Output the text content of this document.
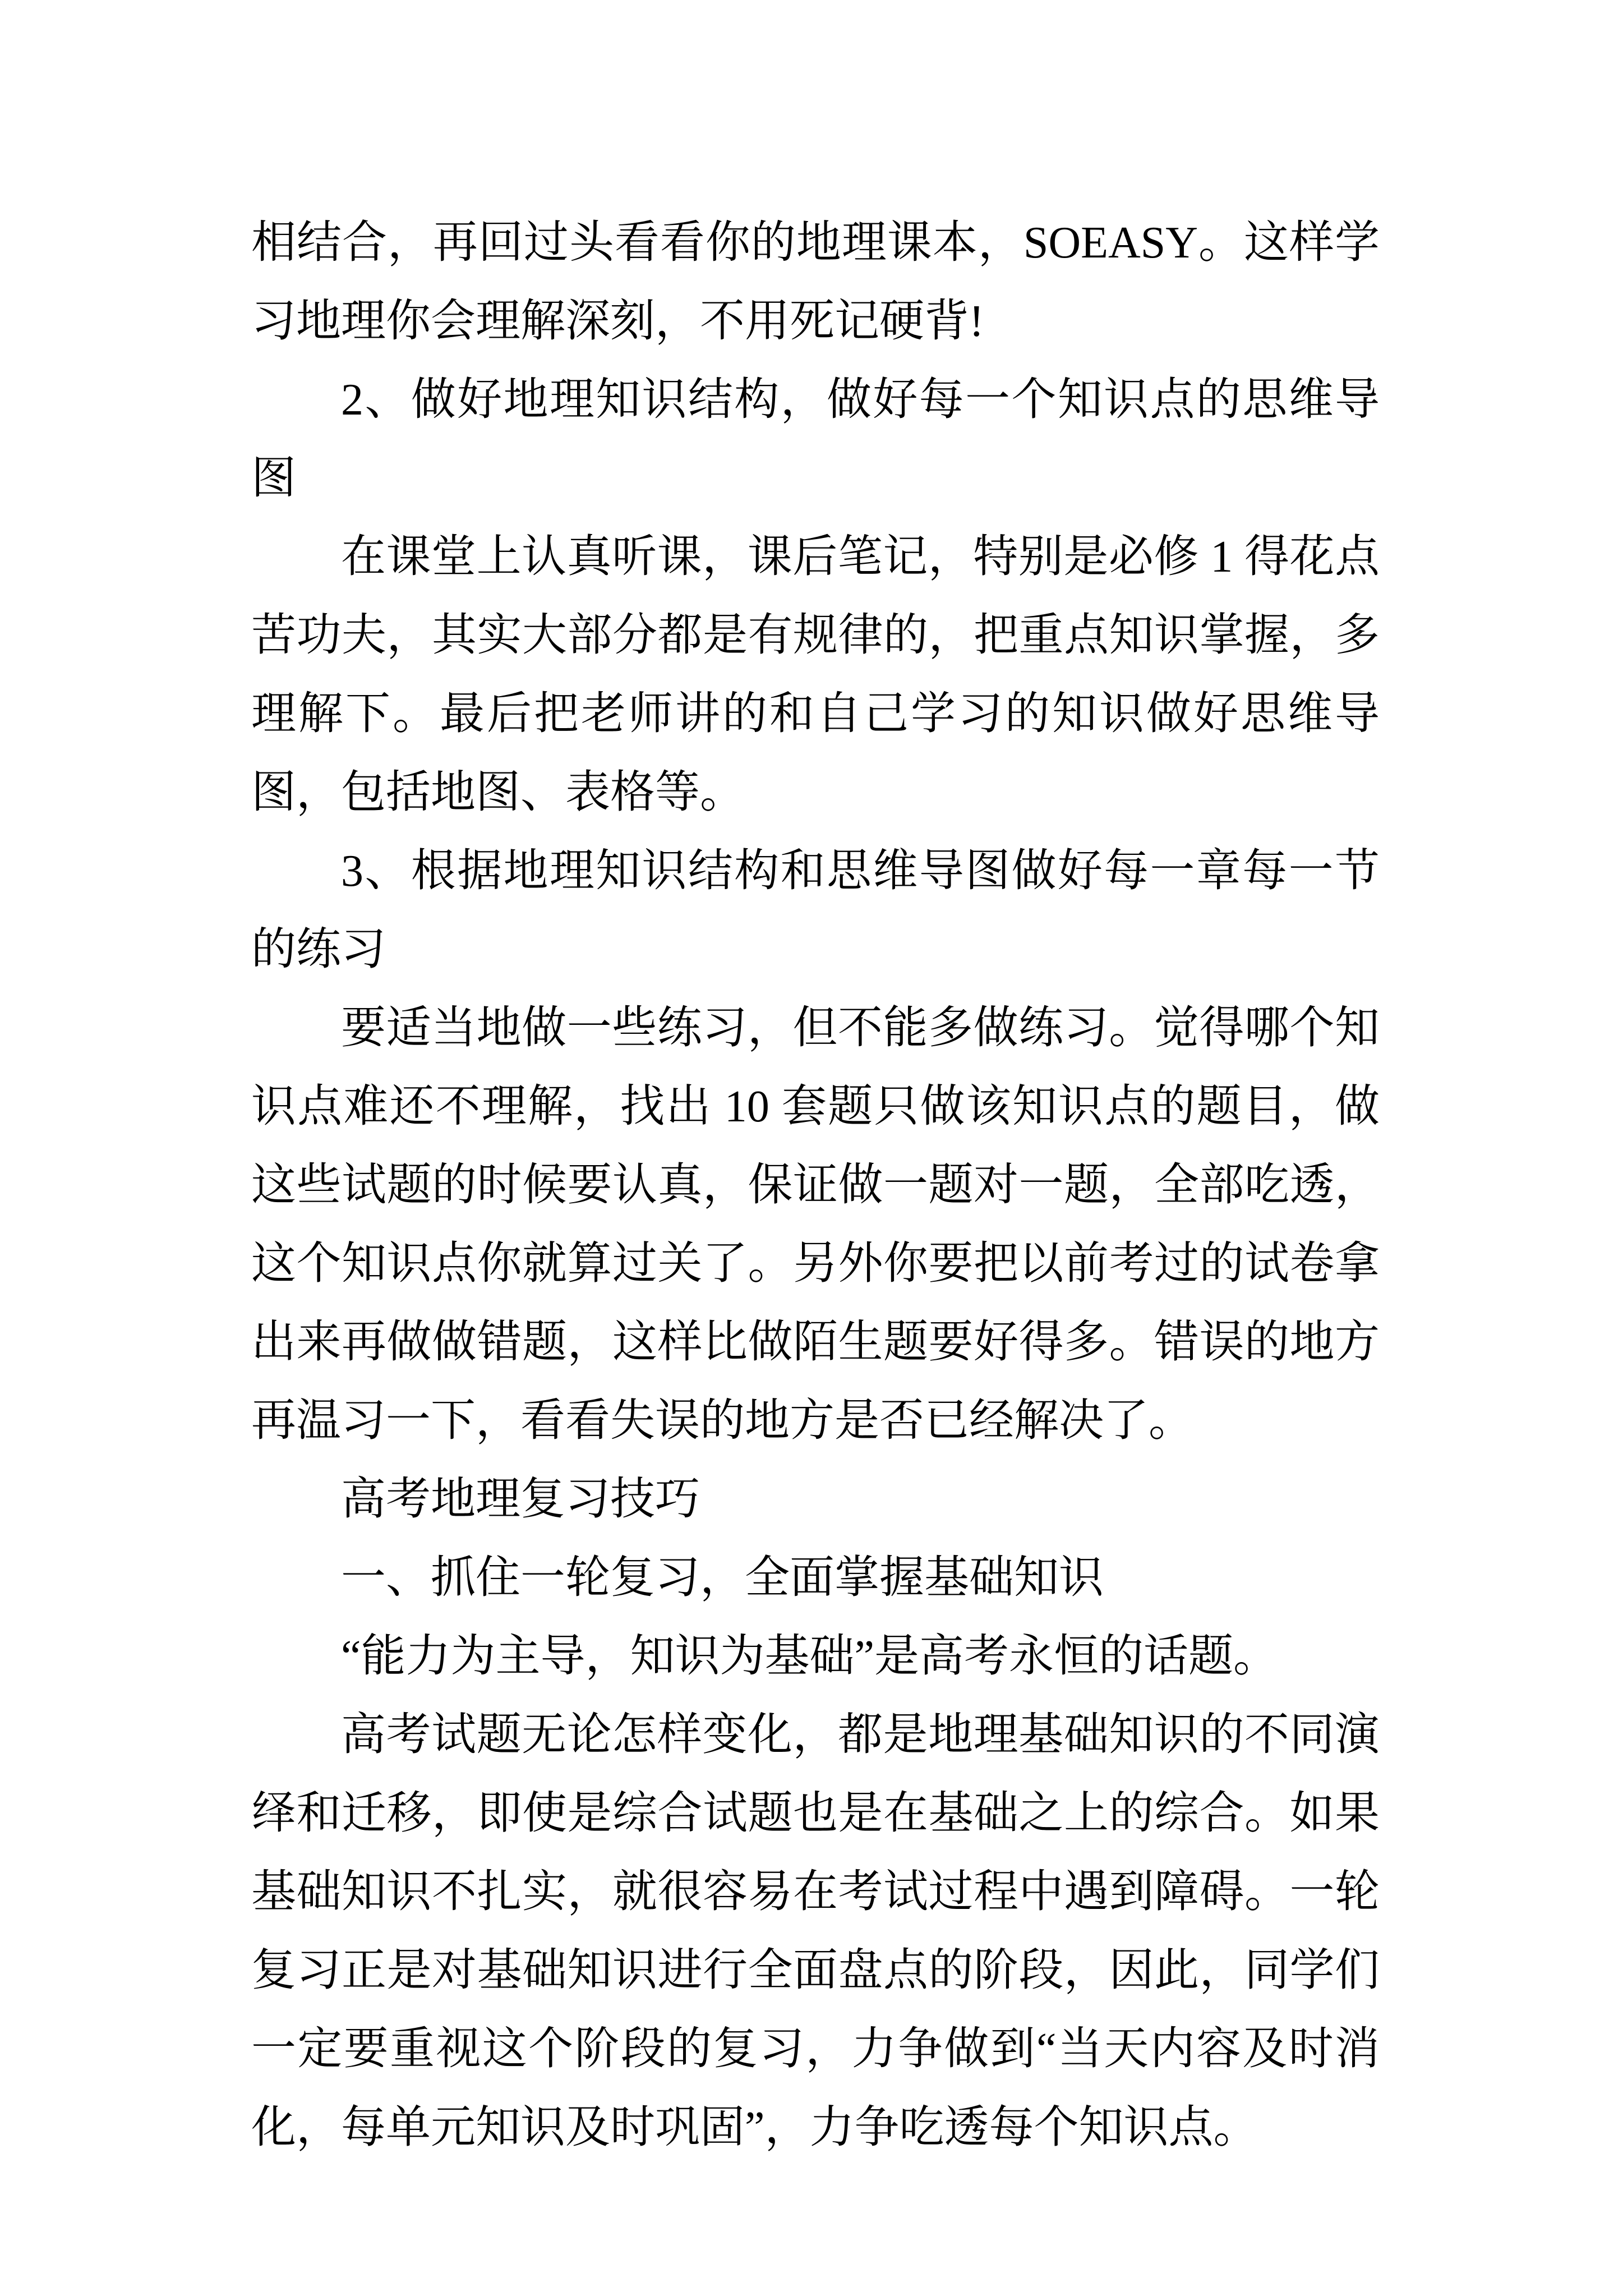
相结合，再回过头看看你的地理课本，SOEASY。这样学习地理你会理解深刻，不用死记硬背!

2、做好地理知识结构，做好每一个知识点的思维导图

在课堂上认真听课，课后笔记，特别是必修 1 得花点苦功夫，其实大部分都是有规律的，把重点知识掌握，多理解下。最后把老师讲的和自己学习的知识做好思维导图，包括地图、表格等。

3、根据地理知识结构和思维导图做好每一章每一节的练习

要适当地做一些练习，但不能多做练习。觉得哪个知识点难还不理解，找出 10 套题只做该知识点的题目，做这些试题的时候要认真，保证做一题对一题，全部吃透，这个知识点你就算过关了。另外你要把以前考过的试卷拿出来再做做错题，这样比做陌生题要好得多。错误的地方再温习一下，看看失误的地方是否已经解决了。

高考地理复习技巧

一、抓住一轮复习，全面掌握基础知识

“能力为主导，知识为基础”是高考永恒的话题。

高考试题无论怎样变化，都是地理基础知识的不同演绎和迁移，即使是综合试题也是在基础之上的综合。如果基础知识不扎实，就很容易在考试过程中遇到障碍。一轮复习正是对基础知识进行全面盘点的阶段，因此，同学们一定要重视这个阶段的复习，力争做到“当天内容及时消化，每单元知识及时巩固”，力争吃透每个知识点。
